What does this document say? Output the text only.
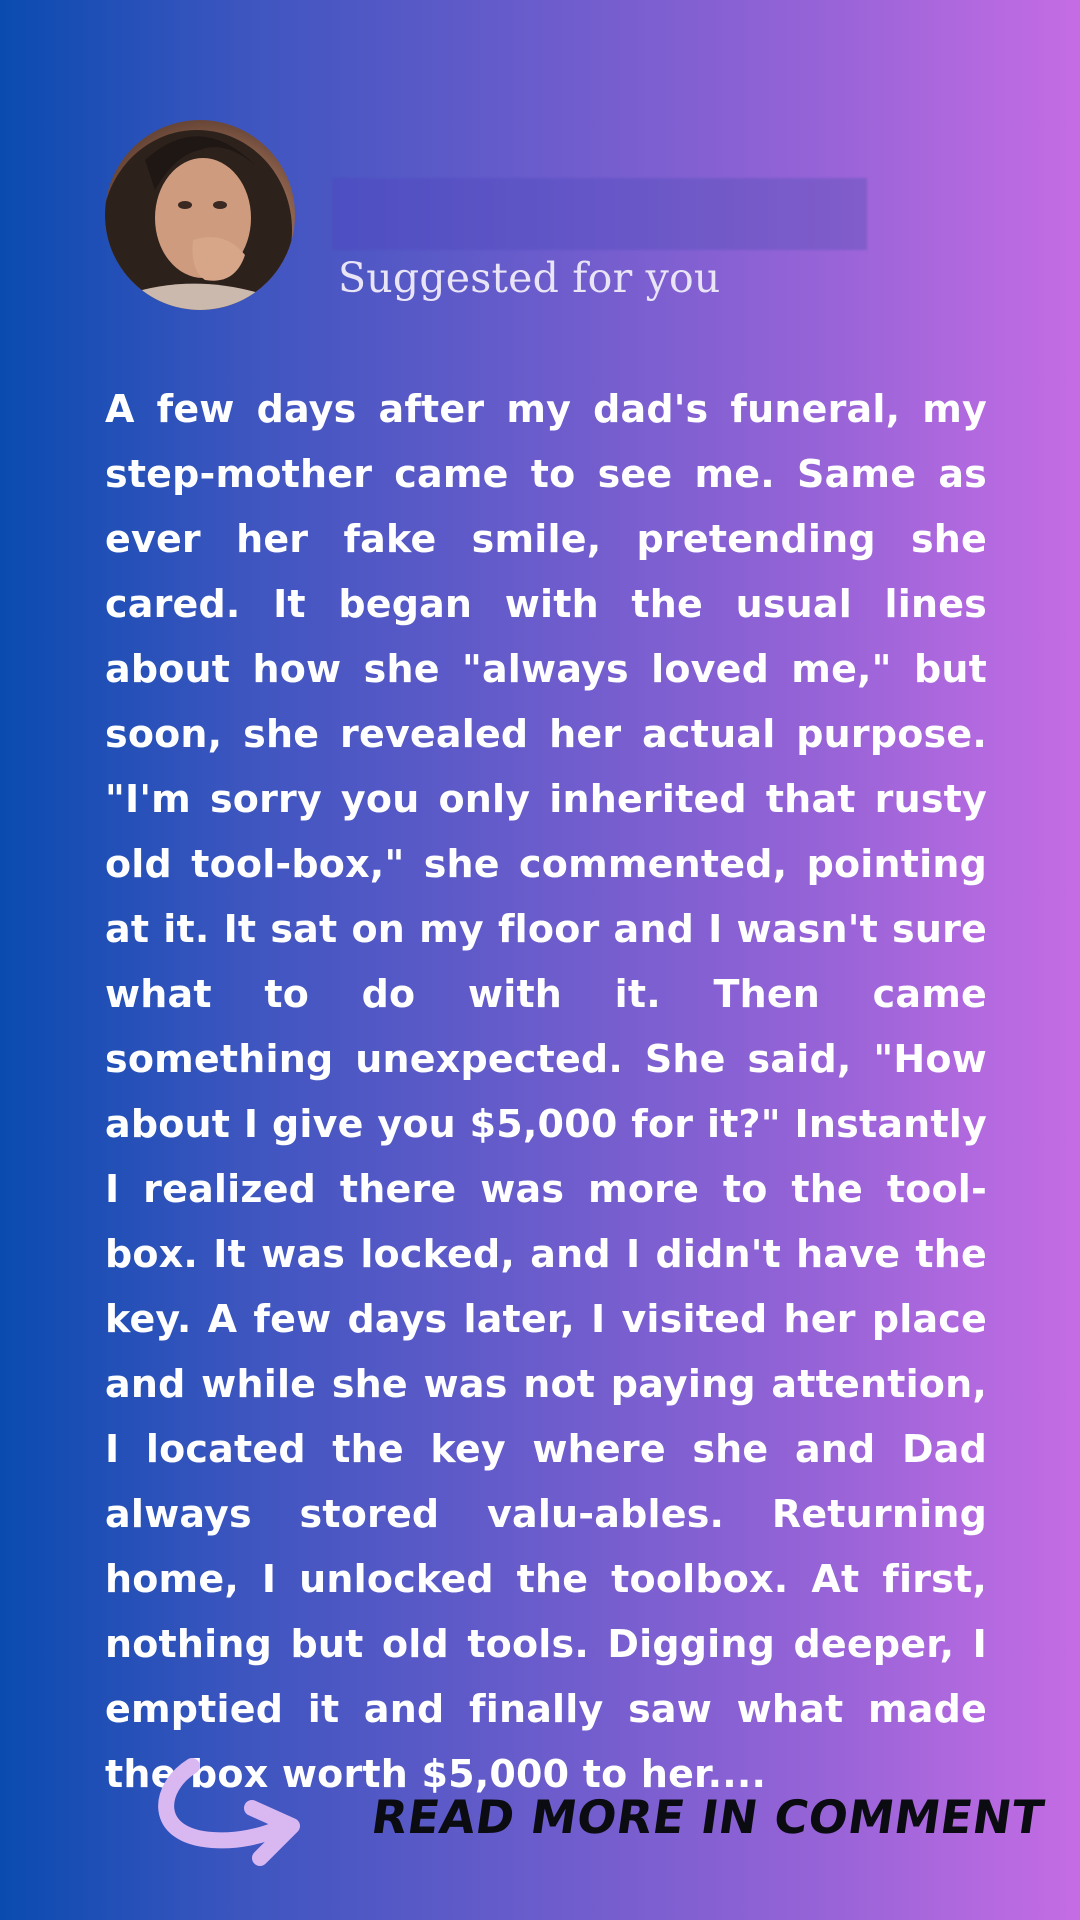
Suggested for you

A few days after my dad's funeral, my step-mother came to see me. Same as ever her fake smile, pretending she cared. It began with the usual lines about how she "always loved me," but soon, she revealed her actual purpose. "I'm sorry you only inherited that rusty old tool-box," she commented, pointing at it. It sat on my floor and I wasn't sure what to do with it. Then came something unexpected. She said, "How about I give you $5,000 for it?" Instantly I realized there was more to the tool-box. It was locked, and I didn't have the key. A few days later, I visited her place and while she was not paying attention, I located the key where she and Dad always stored valu-ables. Returning home, I unlocked the toolbox. At first, nothing but old tools. Digging deeper, I emptied it and finally saw what made the box worth $5,000 to her....

READ MORE IN COMMENT
